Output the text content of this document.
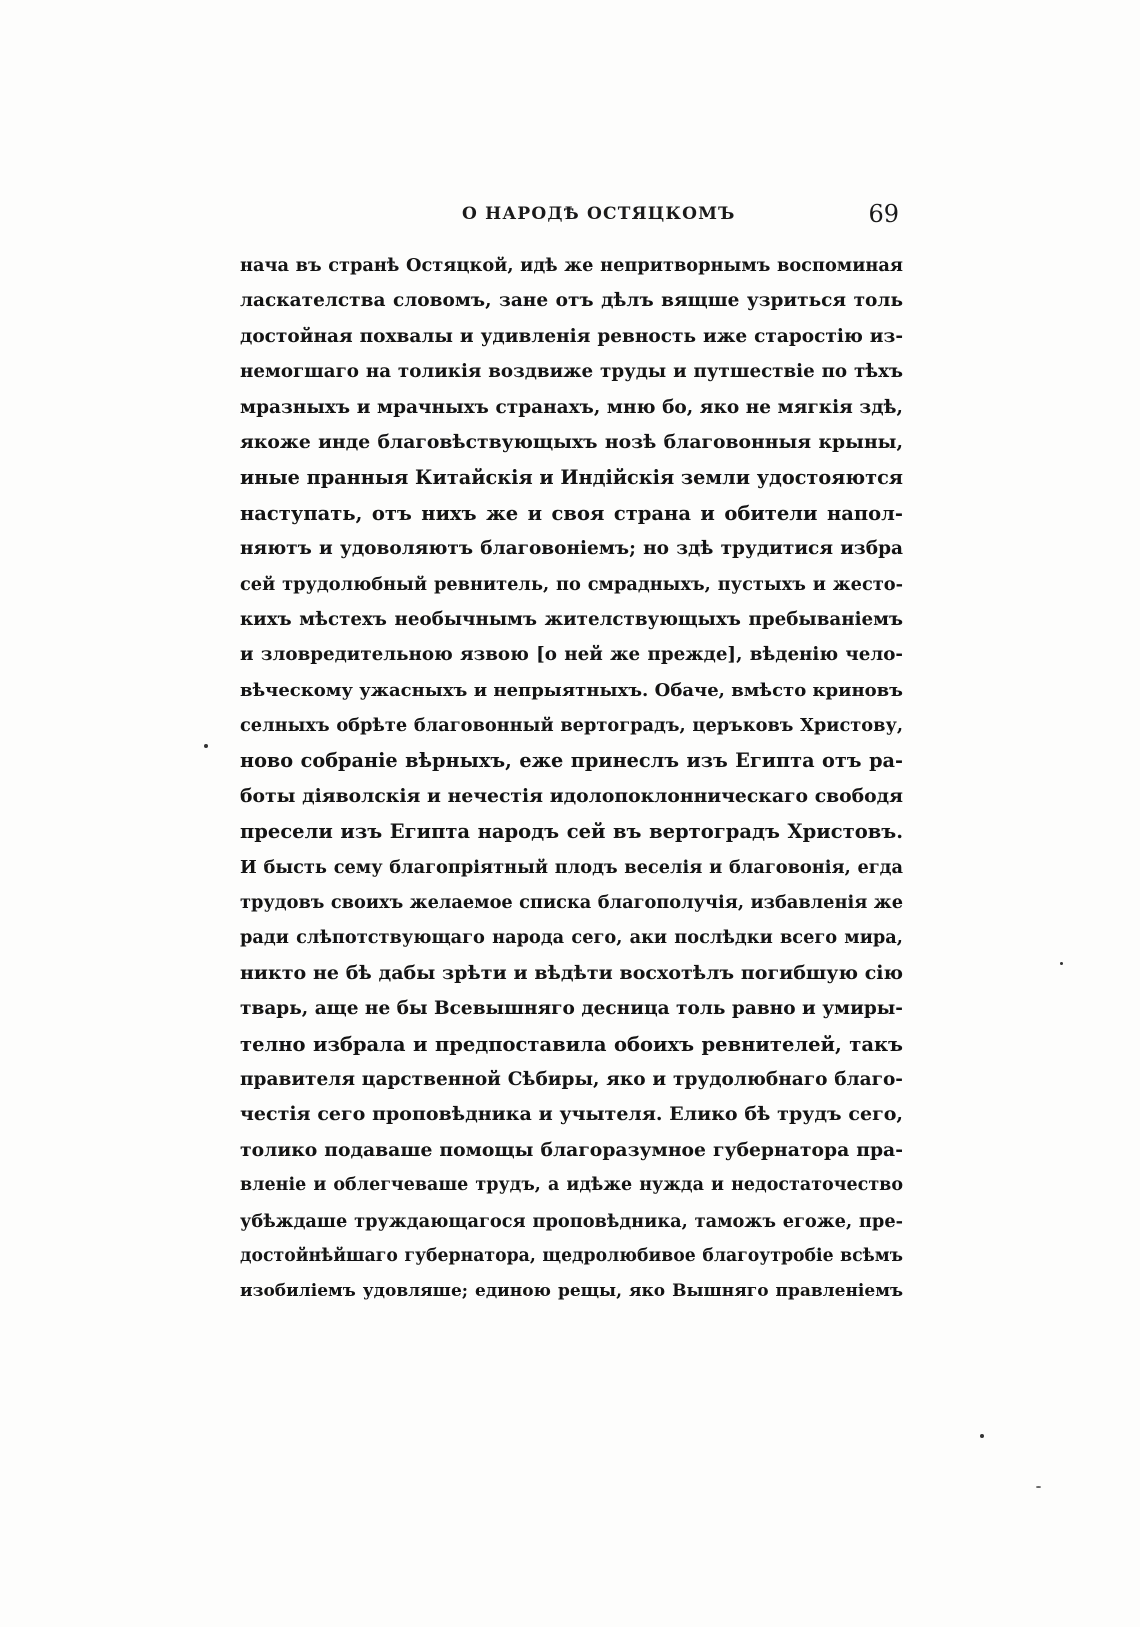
О НАРОДѢ ОСТЯЦКОМЪ	69
нача въ странѣ Остяцкой, идѣ же непритворнымъ воспоминая
ласкателства словомъ, зане отъ дѣлъ вящше узриться толь
достойная похвалы и удивленія ревность иже старостію из-
немогшаго на толикія воздвиже труды и путшествіе по тѣхъ
мразныхъ и мрачныхъ странахъ, мню бо, яко не мягкія здѣ,
якоже инде благовѣствующыхъ нозѣ благовонныя крыны,
иные пранныя Китайскія и Индійскія земли удостояются
наступать, отъ нихъ же и своя страна и обители напол-
няютъ и удоволяютъ благовоніемъ; но здѣ трудитися избра
сей трудолюбный ревнитель, по смрадныхъ, пустыхъ и жесто-
кихъ мѣстехъ необычнымъ жителствующыхъ пребываніемъ
и зловредительною язвою [о ней же прежде], вѣденію чело-
вѣческому ужасныхъ и непрыятныхъ. Обаче, вмѣсто криновъ
селныхъ обрѣте благовонный вертоградъ, церъковъ Христову,
ново собраніе вѣрныхъ, еже принеслъ изъ Египта отъ ра-
боты діяволскія и нечестія идолопоклонническаго свободя
пресели изъ Египта народъ сей въ вертоградъ Христовъ.
И бысть сему благопріятный плодъ веселія и благовонія, егда
трудовъ своихъ желаемое списка благополучія, избавленія же
ради слѣпотствующаго народа сего, аки послѣдки всего мира,
никто не бѣ дабы зрѣти и вѣдѣти восхотѣлъ погибшую сію
тварь, аще не бы Всевышняго десница толь равно и умиры-
телно избрала и предпоставила обоихъ ревнителей, такъ
правителя царственной Сѣбиры, яко и трудолюбнаго благо-
честія сего проповѣдника и учытеля. Елико бѣ трудъ сего,
толико подаваше помощы благоразумное губернатора пра-
вленіе и облегчеваше трудъ, а идѣже нужда и недостаточество
убѣждаше труждающагося проповѣдника, таможъ егоже, пре-
достойнѣйшаго губернатора, щедролюбивое благоутробіе всѣмъ
изобиліемъ удовляше; единою рещы, яко Вышняго правленіемъ
